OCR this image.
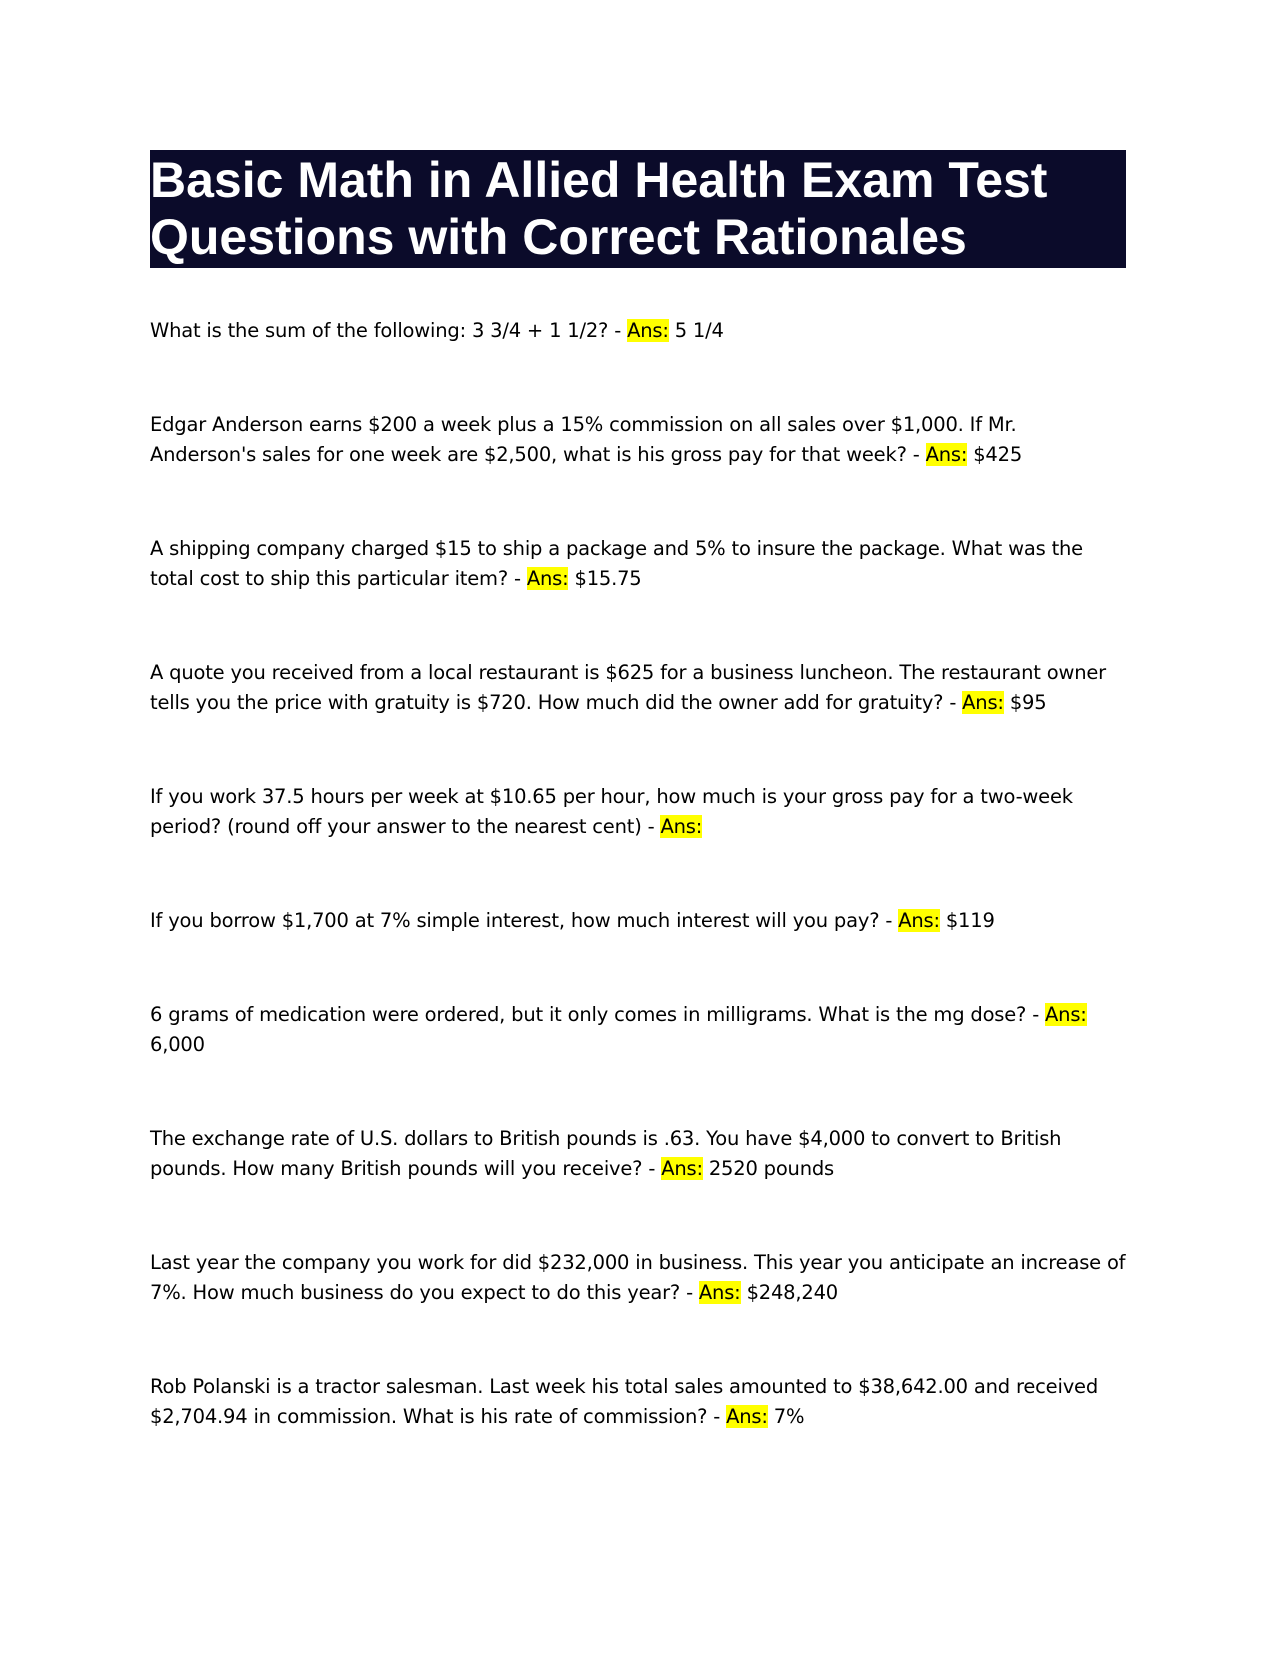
Basic Math in Allied Health Exam Test Questions with Correct Rationales

What is the sum of the following: 3 3/4 + 1 1/2? - Ans: 5 1/4

Edgar Anderson earns $200 a week plus a 15% commission on all sales over $1,000. If Mr. Anderson's sales for one week are $2,500, what is his gross pay for that week? - Ans: $425

A shipping company charged $15 to ship a package and 5% to insure the package. What was the total cost to ship this particular item? - Ans: $15.75

A quote you received from a local restaurant is $625 for a business luncheon. The restaurant owner tells you the price with gratuity is $720. How much did the owner add for gratuity? - Ans: $95

If you work 37.5 hours per week at $10.65 per hour, how much is your gross pay for a two-week period? (round off your answer to the nearest cent) - Ans:

If you borrow $1,700 at 7% simple interest, how much interest will you pay? - Ans: $119

6 grams of medication were ordered, but it only comes in milligrams. What is the mg dose? - Ans: 6,000

The exchange rate of U.S. dollars to British pounds is .63. You have $4,000 to convert to British pounds. How many British pounds will you receive? - Ans: 2520 pounds

Last year the company you work for did $232,000 in business. This year you anticipate an increase of 7%. How much business do you expect to do this year? - Ans: $248,240

Rob Polanski is a tractor salesman. Last week his total sales amounted to $38,642.00 and received $2,704.94 in commission. What is his rate of commission? - Ans: 7%
